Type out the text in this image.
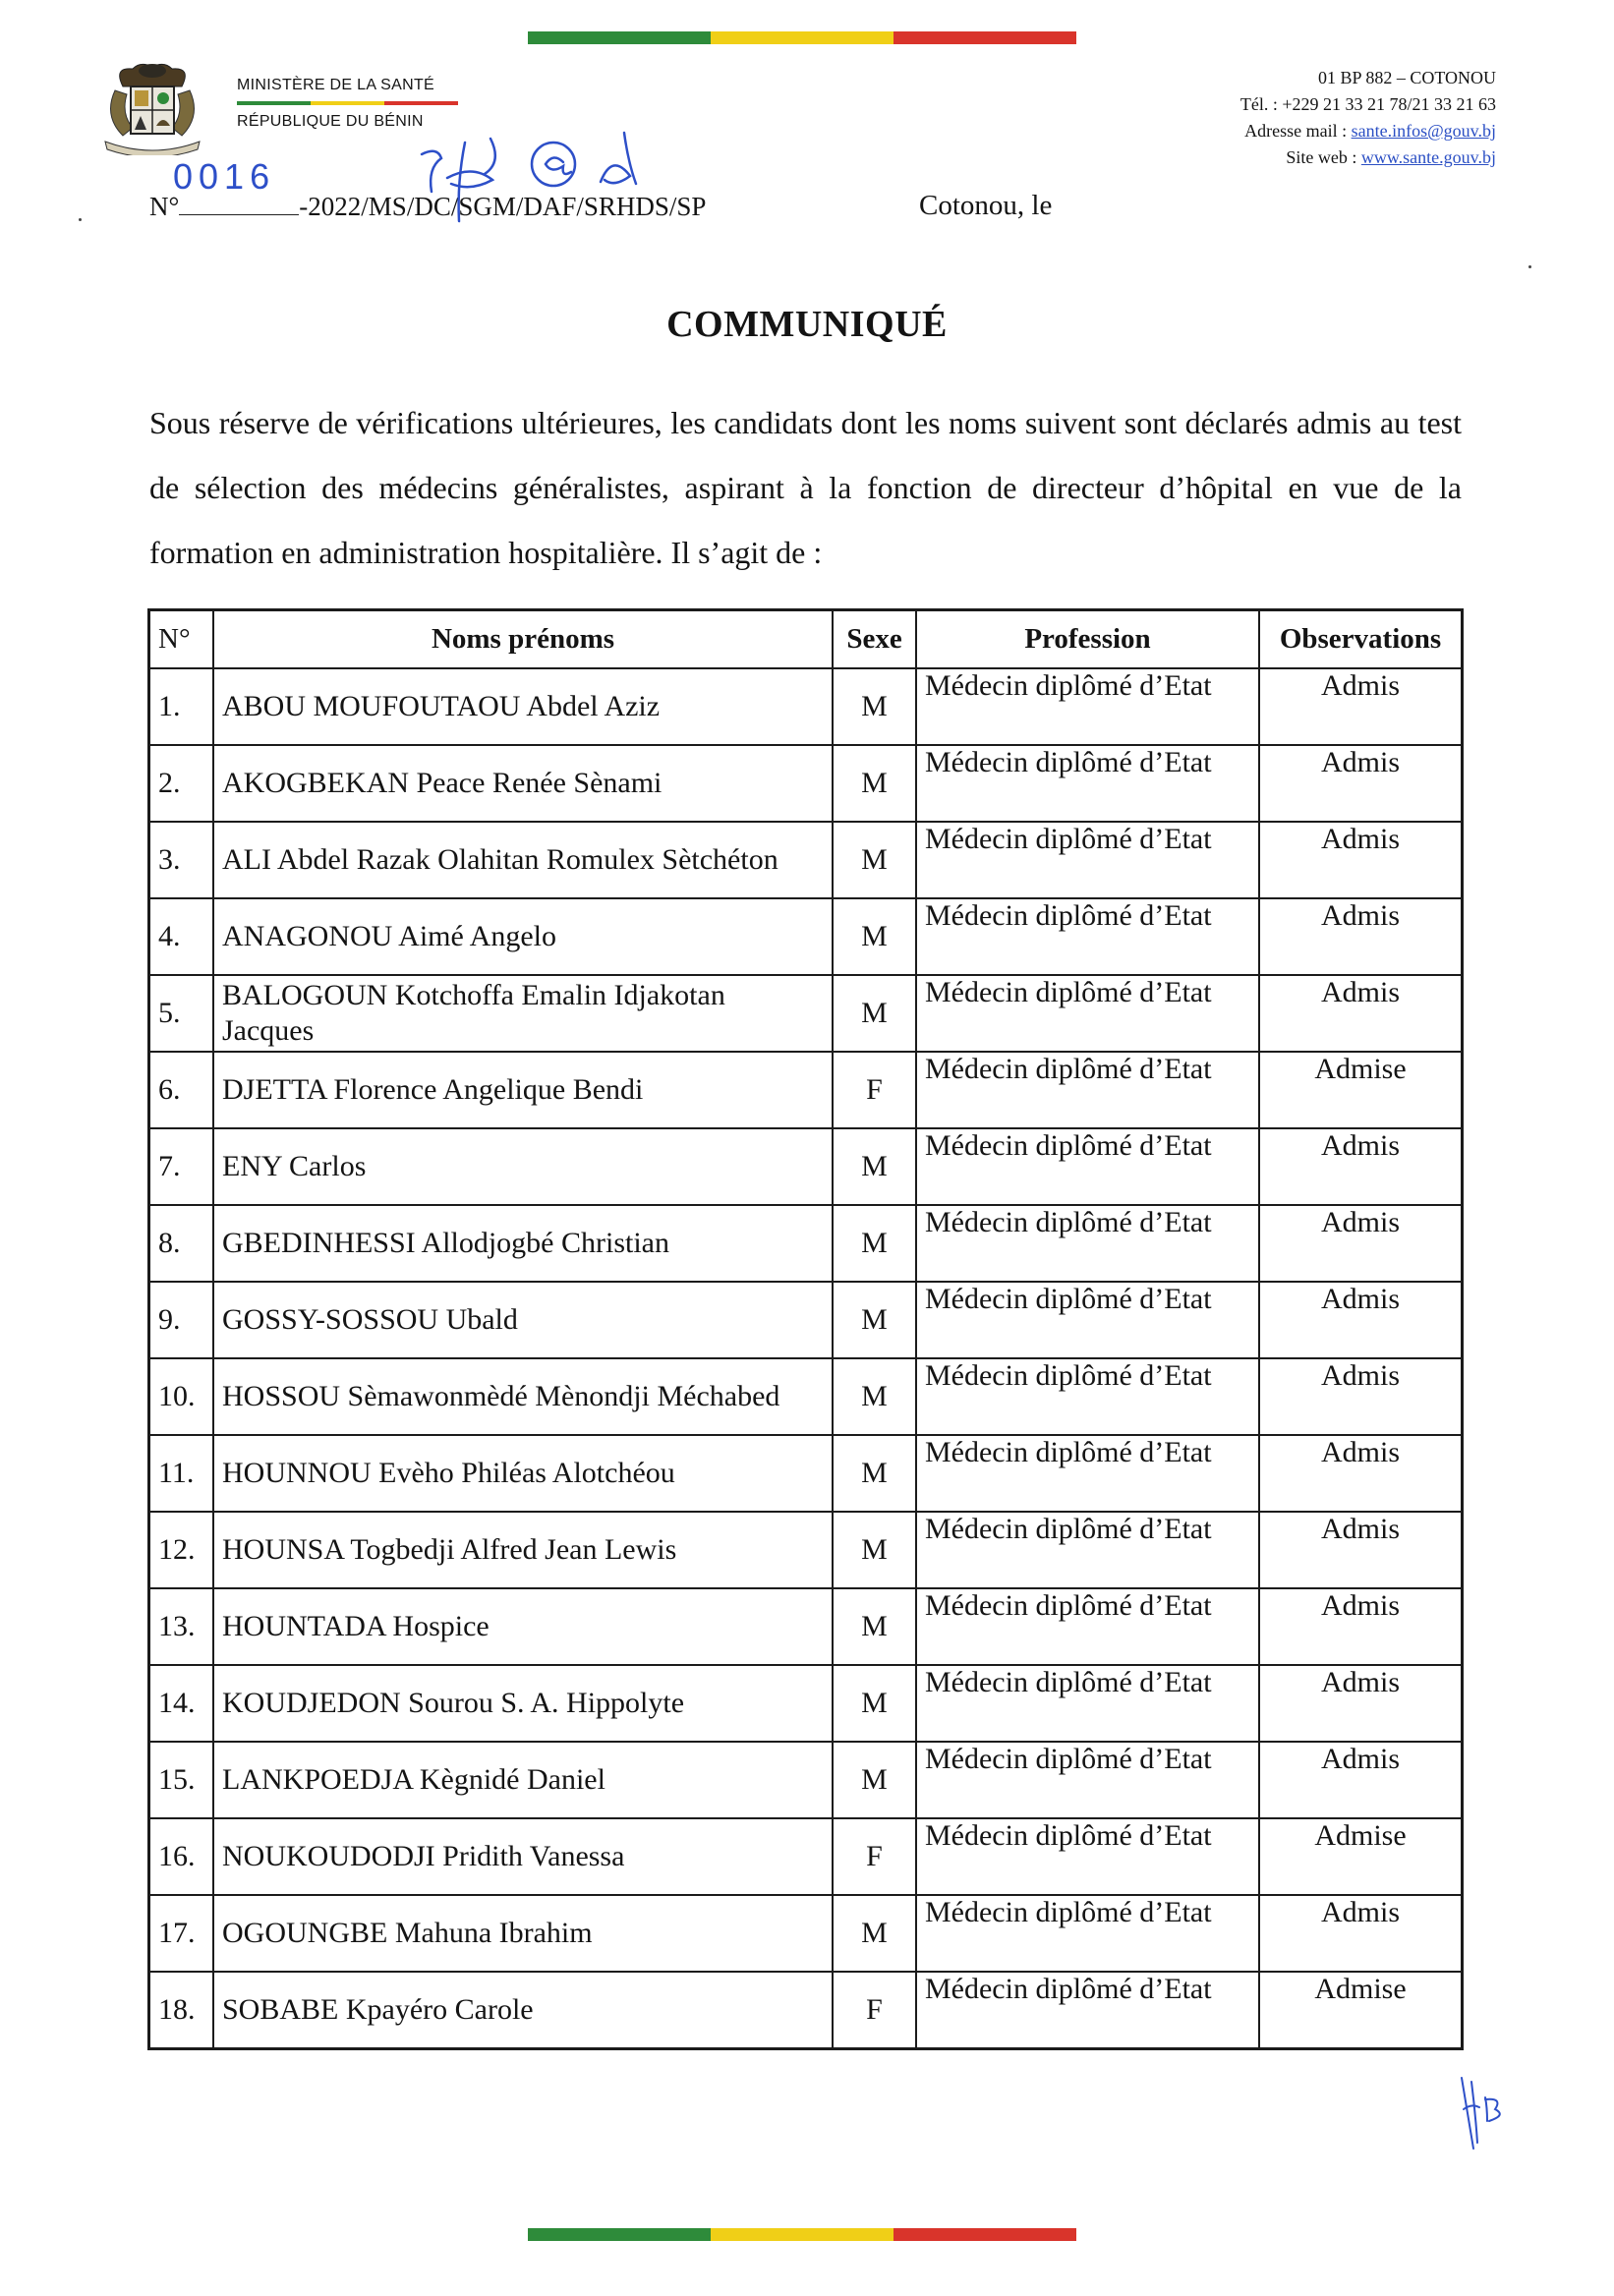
MINISTÈRE DE LA SANTÉ
RÉPUBLIQUE DU BÉNIN
01 BP 882 – COTONOU
Tél. : +229 21 33 21 78/21 33 21 63
Adresse mail : sante.infos@gouv.bj
Site web : www.sante.gouv.bj
N°	-2022/MS/DC/SGM/DAF/SRHDS/SP
0016
Cotonou, le
COMMUNIQUÉ
Sous réserve de vérifications ultérieures, les candidats dont les noms suivent sont déclarés admis au test de sélection des médecins généralistes, aspirant à la fonction de directeur d’hôpital en vue de la formation en administration hospitalière. Il s’agit de :
N°	Noms prénoms	Sexe	Profession	Observations
1.	ABOU MOUFOUTAOU Abdel Aziz	M	Médecin diplômé d’Etat	Admis
2.	AKOGBEKAN Peace Renée Sènami	M	Médecin diplômé d’Etat	Admis
3.	ALI Abdel Razak Olahitan Romulex Sètchéton	M	Médecin diplômé d’Etat	Admis
4.	ANAGONOU Aimé Angelo	M	Médecin diplômé d’Etat	Admis
5.	BALOGOUN Kotchoffa Emalin Idjakotan Jacques	M	Médecin diplômé d’Etat	Admis
6.	DJETTA Florence Angelique Bendi	F	Médecin diplômé d’Etat	Admise
7.	ENY Carlos	M	Médecin diplômé d’Etat	Admis
8.	GBEDINHESSI Allodjogbé Christian	M	Médecin diplômé d’Etat	Admis
9.	GOSSY-SOSSOU Ubald	M	Médecin diplômé d’Etat	Admis
10.	HOSSOU Sèmawonmèdé Mènondji Méchabed	M	Médecin diplômé d’Etat	Admis
11.	HOUNNOU Evèho Philéas Alotchéou	M	Médecin diplômé d’Etat	Admis
12.	HOUNSA Togbedji Alfred Jean Lewis	M	Médecin diplômé d’Etat	Admis
13.	HOUNTADA Hospice	M	Médecin diplômé d’Etat	Admis
14.	KOUDJEDON Sourou S. A. Hippolyte	M	Médecin diplômé d’Etat	Admis
15.	LANKPOEDJA Kègnidé Daniel	M	Médecin diplômé d’Etat	Admis
16.	NOUKOUDODJI Pridith Vanessa	F	Médecin diplômé d’Etat	Admise
17.	OGOUNGBE Mahuna Ibrahim	M	Médecin diplômé d’Etat	Admis
18.	SOBABE Kpayéro Carole	F	Médecin diplômé d’Etat	Admise
